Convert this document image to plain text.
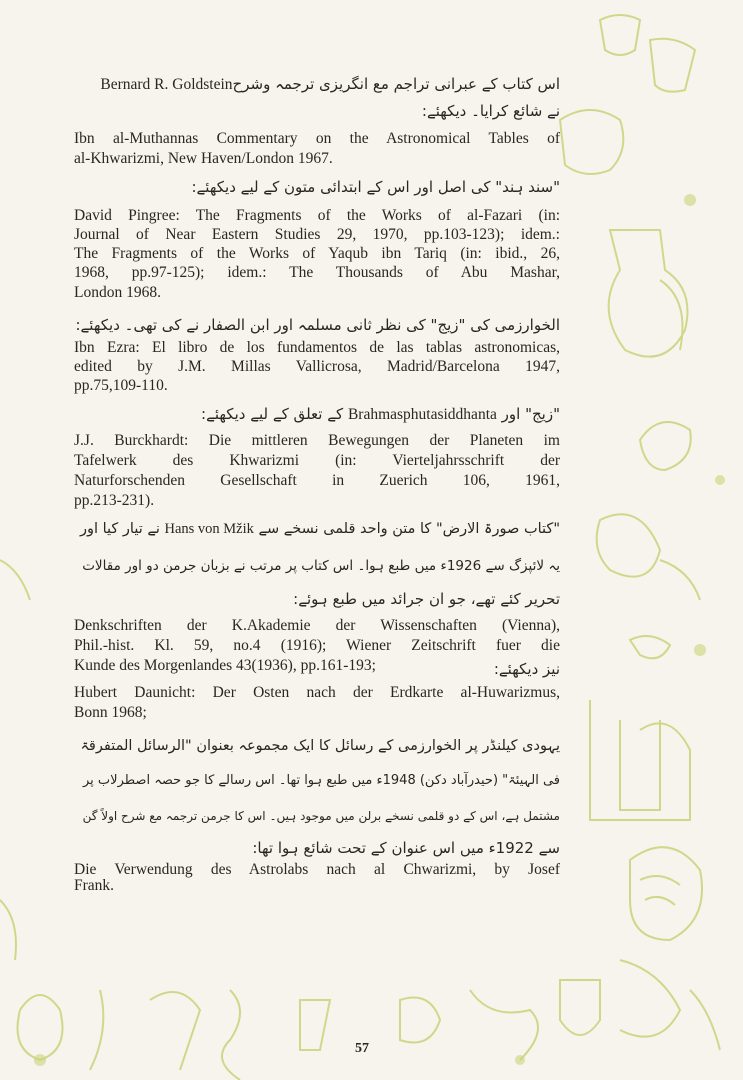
اس کتاب کے عبرانی تراجم مع انگریزی ترجمہ وشرحBernard R. Goldstein
نے شائع کرایا۔ دیکھئے:
Ibn al-Muthannas Commentary on the Astronomical Tables of
al-Khwarizmi, New Haven/London 1967.
"سند ہند" کی اصل اور اس کے ابتدائی متون کے لیے دیکھئے:
David Pingree: The Fragments of the Works of al-Fazari (in:
Journal of Near Eastern Studies 29, 1970, pp.103-123); idem.:
The Fragments of the Works of Yaqub ibn Tariq (in: ibid., 26,
1968, pp.97-125); idem.: The Thousands of Abu Mashar,
London 1968.
الخوارزمی کی "زیج" کی نظر ثانی مسلمہ اور ابن الصفار نے کی تھی۔ دیکھئے:
Ibn Ezra: El libro de los fundamentos de las tablas astronomicas,
edited by J.M. Millas Vallicrosa, Madrid/Barcelona 1947,
pp.75,109-110.
"زیج" اور Brahmasphutasiddhanta کے تعلق کے لیے دیکھئے:
J.J. Burckhardt: Die mittleren Bewegungen der Planeten im
Tafelwerk des Khwarizmi (in: Vierteljahrsschrift der
Naturforschenden Gesellschaft in Zuerich 106, 1961,
pp.213-231).
"کتاب صورۃ الارض" کا متن واحد قلمی نسخے سے Hans von Mžik نے تیار کیا اور
یہ لائپزگ سے 1926ء میں طبع ہوا۔ اس کتاب پر مرتب نے بزبان جرمن دو اور مقالات
تحریر کئے تھے، جو ان جرائد میں طبع ہوئے:
Denkschriften der K.Akademie der Wissenschaften (Vienna),
Phil.-hist. Kl. 59, no.4 (1916); Wiener Zeitschrift fuer die
Kunde des Morgenlandes 43(1936), pp.161-193;	نیز دیکھئے:
Hubert Daunicht: Der Osten nach der Erdkarte al-Huwarizmus,
Bonn 1968;
یہودی کیلنڈر پر الخوارزمی کے رسائل کا ایک مجموعہ بعنوان "الرسائل المتفرقۃ
فی الہیئۃ" (حیدرآباد دکن) 1948ء میں طبع ہوا تھا۔ اس رسالے کا جو حصہ اصطرلاب پر
مشتمل ہے، اس کے دو قلمی نسخے برلن میں موجود ہیں۔ اس کا جرمن ترجمہ مع شرح اولاً گن
سے 1922ء میں اس عنوان کے تحت شائع ہوا تھا:
Die Verwendung des Astrolabs nach al Chwarizmi, by Josef
Frank.
57
